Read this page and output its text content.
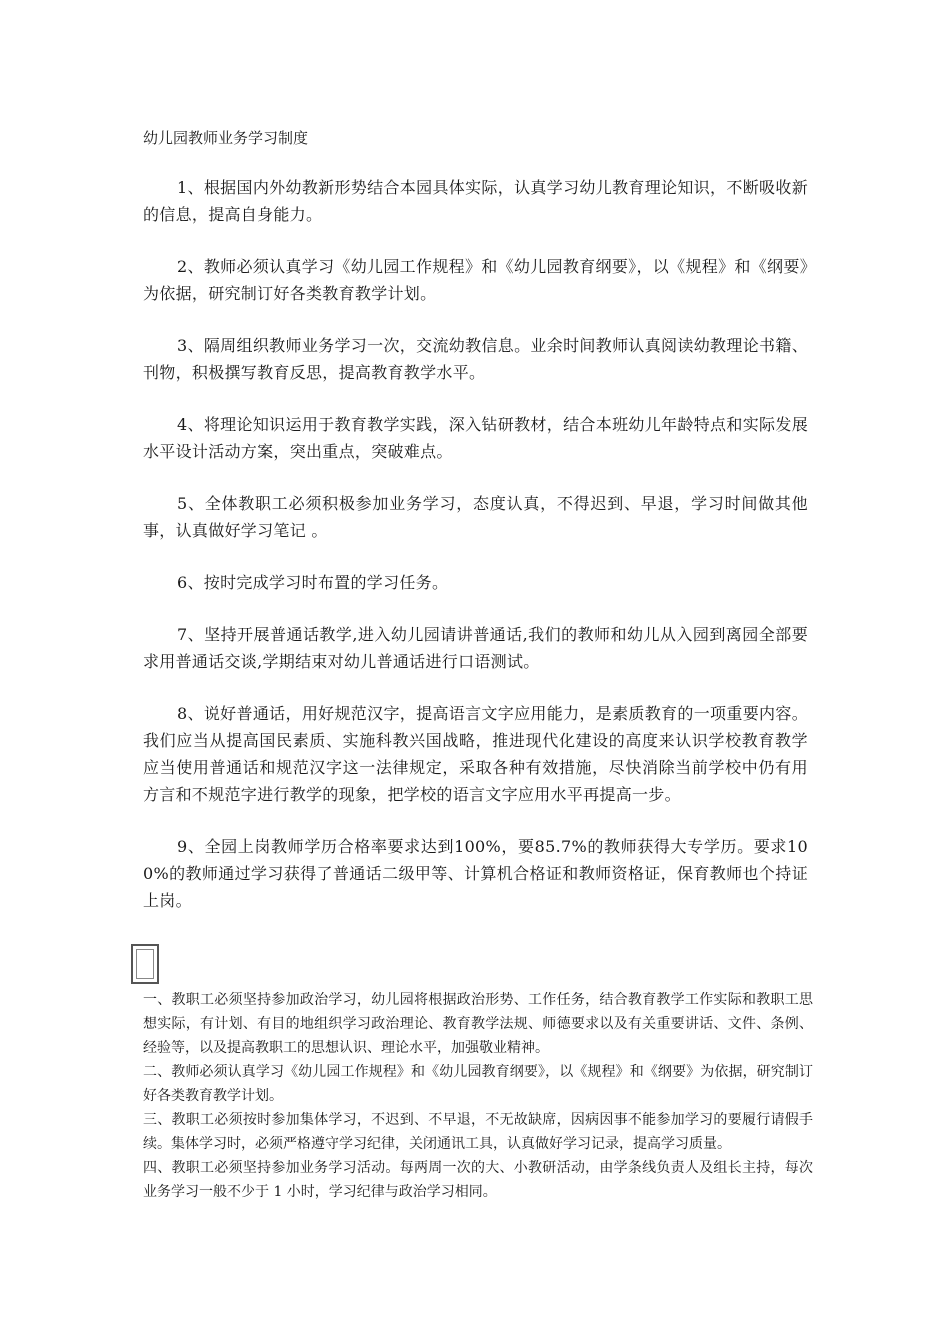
幼儿园教师业务学习制度

1、根据国内外幼教新形势结合本园具体实际，认真学习幼儿教育理论知识，不断吸收新的信息，提高自身能力。

2、教师必须认真学习《幼儿园工作规程》和《幼儿园教育纲要》，以《规程》和《纲要》为依据，研究制订好各类教育教学计划。

3、隔周组织教师业务学习一次，交流幼教信息。业余时间教师认真阅读幼教理论书籍、刊物，积极撰写教育反思，提高教育教学水平。

4、将理论知识运用于教育教学实践，深入钻研教材，结合本班幼儿年龄特点和实际发展水平设计活动方案，突出重点，突破难点。

5、全体教职工必须积极参加业务学习，态度认真，不得迟到、早退，学习时间做其他事，认真做好学习笔记 。

6、按时完成学习时布置的学习任务。

7、坚持开展普通话教学,进入幼儿园请讲普通话,我们的教师和幼儿从入园到离园全部要求用普通话交谈,学期结束对幼儿普通话进行口语测试。

8、说好普通话，用好规范汉字，提高语言文字应用能力，是素质教育的一项重要内容。我们应当从提高国民素质、实施科教兴国战略，推进现代化建设的高度来认识学校教育教学应当使用普通话和规范汉字这一法律规定，采取各种有效措施，尽快消除当前学校中仍有用方言和不规范字进行教学的现象，把学校的语言文字应用水平再提高一步。

9、全园上岗教师学历合格率要求达到100%，要85.7%的教师获得大专学历。要求100%的教师通过学习获得了普通话二级甲等、计算机合格证和教师资格证，保育教师也个持证上岗。

一、教职工必须坚持参加政治学习，幼儿园将根据政治形势、工作任务，结合教育教学工作实际和教职工思想实际，有计划、有目的地组织学习政治理论、教育教学法规、师德要求以及有关重要讲话、文件、条例、经验等，以及提高教职工的思想认识、理论水平，加强敬业精神。

二、教师必须认真学习《幼儿园工作规程》和《幼儿园教育纲要》，以《规程》和《纲要》为依据，研究制订好各类教育教学计划。

三、教职工必须按时参加集体学习，不迟到、不早退，不无故缺席，因病因事不能参加学习的要履行请假手续。集体学习时，必须严格遵守学习纪律，关闭通讯工具，认真做好学习记录，提高学习质量。

四、教职工必须坚持参加业务学习活动。每两周一次的大、小教研活动，由学条线负责人及组长主持，每次业务学习一般不少于 1 小时，学习纪律与政治学习相同。
